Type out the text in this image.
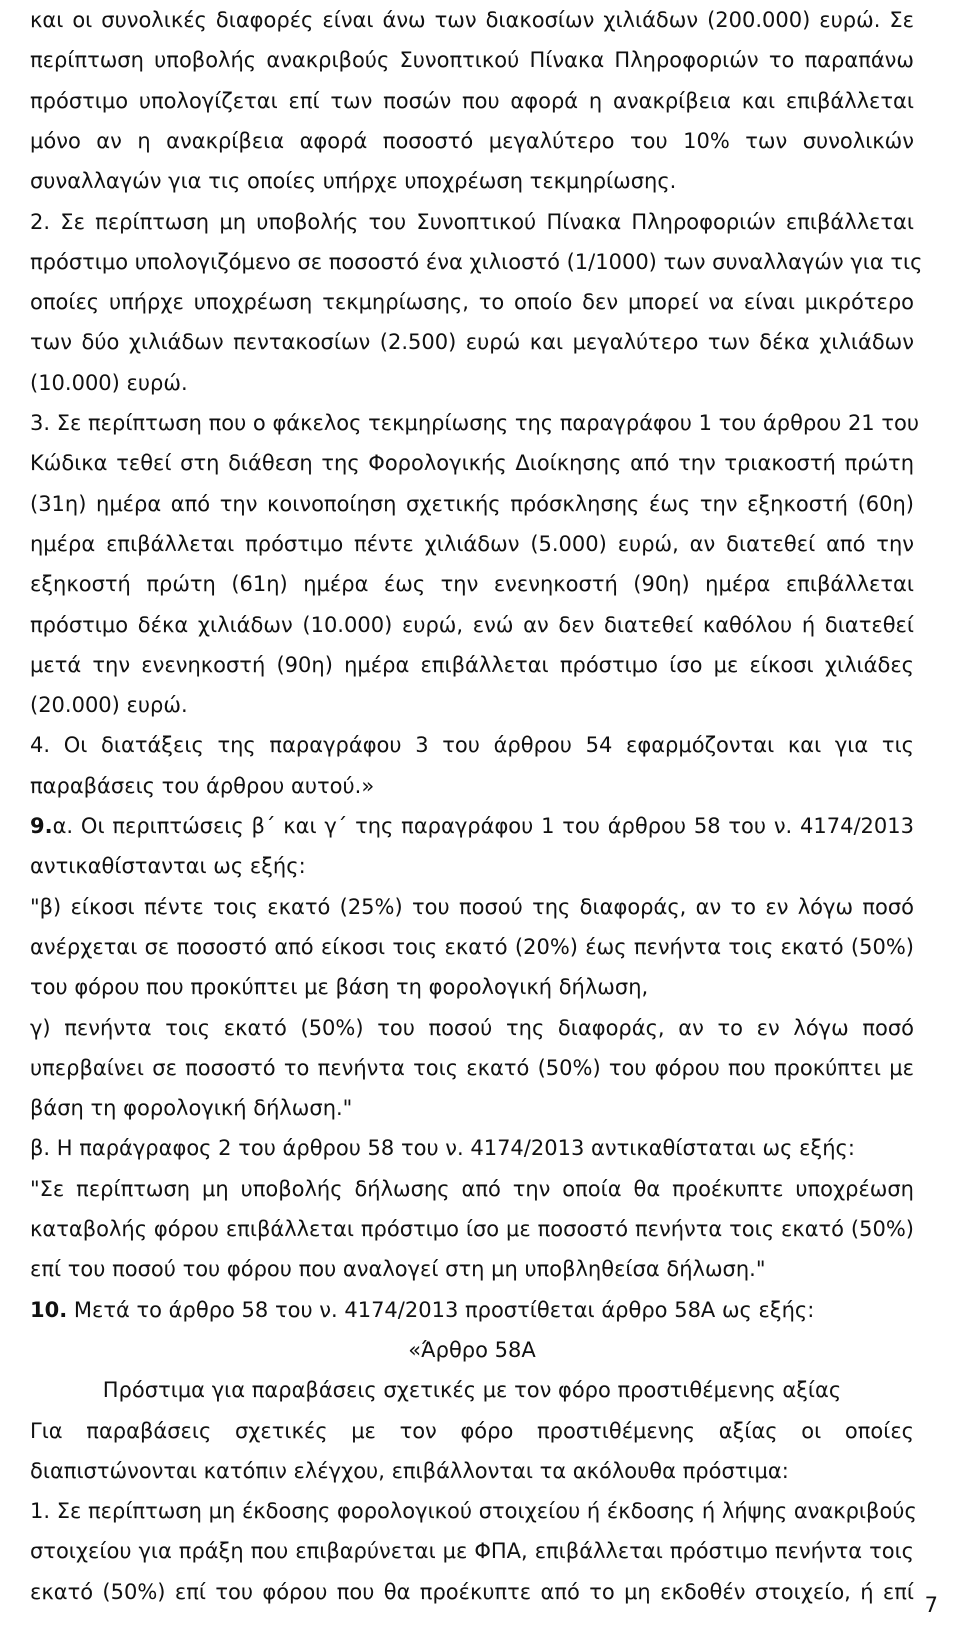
και οι συνολικές διαφορές είναι άνω των διακοσίων χιλιάδων (200.000) ευρώ. Σε
περίπτωση υποβολής ανακριβούς Συνοπτικού Πίνακα Πληροφοριών το παραπάνω
πρόστιμο υπολογίζεται επί των ποσών που αφορά η ανακρίβεια και επιβάλλεται
μόνο αν η ανακρίβεια αφορά ποσοστό μεγαλύτερο του 10% των συνολικών
συναλλαγών για τις οποίες υπήρχε υποχρέωση τεκμηρίωσης.
2. Σε περίπτωση μη υποβολής του Συνοπτικού Πίνακα Πληροφοριών επιβάλλεται
πρόστιμο υπολογιζόμενο σε ποσοστό ένα χιλιοστό (1/1000) των συναλλαγών για τις
οποίες υπήρχε υποχρέωση τεκμηρίωσης, το οποίο δεν μπορεί να είναι μικρότερο
των δύο χιλιάδων πεντακοσίων (2.500) ευρώ και μεγαλύτερο των δέκα χιλιάδων
(10.000) ευρώ.
3. Σε περίπτωση που ο φάκελος τεκμηρίωσης της παραγράφου 1 του άρθρου 21 του
Κώδικα τεθεί στη διάθεση της Φορολογικής Διοίκησης από την τριακοστή πρώτη
(31η) ημέρα από την κοινοποίηση σχετικής πρόσκλησης έως την εξηκοστή (60η)
ημέρα επιβάλλεται πρόστιμο πέντε χιλιάδων (5.000) ευρώ, αν διατεθεί από την
εξηκοστή πρώτη (61η) ημέρα έως την ενενηκοστή (90η) ημέρα επιβάλλεται
πρόστιμο δέκα χιλιάδων (10.000) ευρώ, ενώ αν δεν διατεθεί καθόλου ή διατεθεί
μετά την ενενηκοστή (90η) ημέρα επιβάλλεται πρόστιμο ίσο με είκοσι χιλιάδες
(20.000) ευρώ.
4. Οι διατάξεις της παραγράφου 3 του άρθρου 54 εφαρμόζονται και για τις
παραβάσεις του άρθρου αυτού.»
9.α. Οι περιπτώσεις β΄ και γ΄ της παραγράφου 1 του άρθρου 58 του ν. 4174/2013
αντικαθίστανται ως εξής:
"β) είκοσι πέντε τοις εκατό (25%) του ποσού της διαφοράς, αν το εν λόγω ποσό
ανέρχεται σε ποσοστό από είκοσι τοις εκατό (20%) έως πενήντα τοις εκατό (50%)
του φόρου που προκύπτει με βάση τη φορολογική δήλωση,
γ) πενήντα τοις εκατό (50%) του ποσού της διαφοράς, αν το εν λόγω ποσό
υπερβαίνει σε ποσοστό το πενήντα τοις εκατό (50%) του φόρου που προκύπτει με
βάση τη φορολογική δήλωση."
β. Η παράγραφος 2 του άρθρου 58 του ν. 4174/2013 αντικαθίσταται ως εξής:
"Σε περίπτωση μη υποβολής δήλωσης από την οποία θα προέκυπτε υποχρέωση
καταβολής φόρου επιβάλλεται πρόστιμο ίσο με ποσοστό πενήντα τοις εκατό (50%)
επί του ποσού του φόρου που αναλογεί στη μη υποβληθείσα δήλωση."
10. Μετά το άρθρο 58 του ν. 4174/2013 προστίθεται άρθρο 58Α ως εξής:
«Άρθρο 58Α
Πρόστιμα για παραβάσεις σχετικές με τον φόρο προστιθέμενης αξίας
Για παραβάσεις σχετικές με τον φόρο προστιθέμενης αξίας οι οποίες
διαπιστώνονται κατόπιν ελέγχου, επιβάλλονται τα ακόλουθα πρόστιμα:
1. Σε περίπτωση μη έκδοσης φορολογικού στοιχείου ή έκδοσης ή λήψης ανακριβούς
στοιχείου για πράξη που επιβαρύνεται με ΦΠΑ, επιβάλλεται πρόστιμο πενήντα τοις
εκατό (50%) επί του φόρου που θα προέκυπτε από το μη εκδοθέν στοιχείο, ή επί
7
